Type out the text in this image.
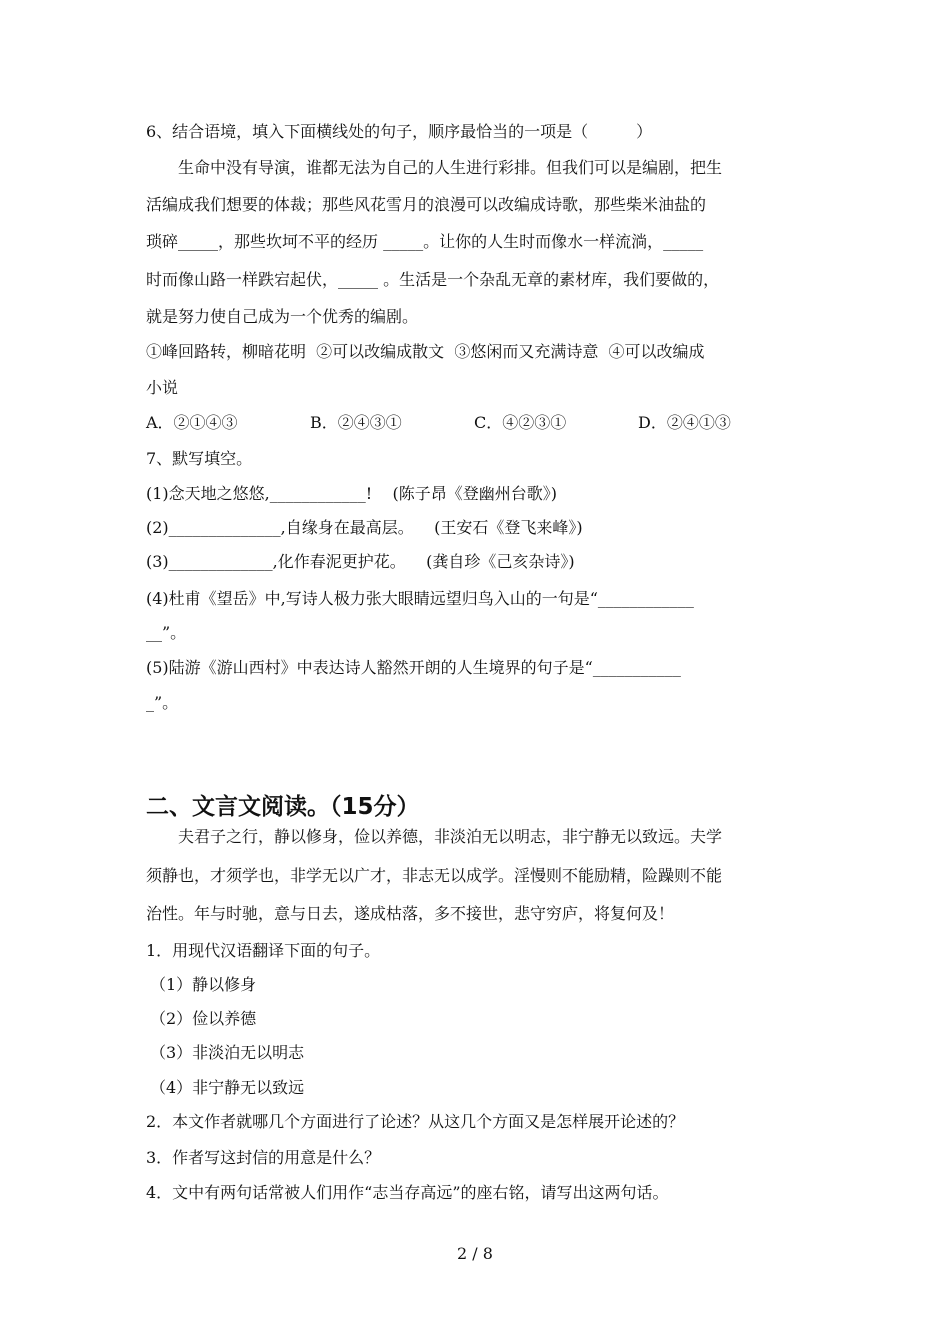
6、结合语境，填入下面横线处的句子，顺序最恰当的一项是（　　　）
　　生命中没有导演，谁都无法为自己的人生进行彩排。但我们可以是编剧，把生
活编成我们想要的体裁；那些风花雪月的浪漫可以改编成诗歌，那些柴米油盐的
琐碎_____，那些坎坷不平的经历 _____。让你的人生时而像水一样流淌，_____
时而像山路一样跌宕起伏，_____ 。生活是一个杂乱无章的素材库，我们要做的，
就是努力使自己成为一个优秀的编剧。
①峰回路转，柳暗花明  ②可以改编成散文  ③悠闲而又充满诗意  ④可以改编成
小说
A．②①④③	B．②④③①	C．④②③①	D．②④①③
7、默写填空。
(1)念天地之悠悠,____________!    (陈子昂《登幽州台歌》)
(2)______________,自缘身在最高层。    (王安石《登飞来峰》)
(3)_____________,化作春泥更护花。    (龚自珍《己亥杂诗》)
(4)杜甫《望岳》中,写诗人极力张大眼睛远望归鸟入山的一句是“____________
__”。
(5)陆游《游山西村》中表达诗人豁然开朗的人生境界的句子是“___________
_”。
二、文言文阅读。（15分）
　　夫君子之行，静以修身，俭以养德，非淡泊无以明志，非宁静无以致远。夫学
须静也，才须学也，非学无以广才，非志无以成学。淫慢则不能励精，险躁则不能
治性。年与时驰，意与日去，遂成枯落，多不接世，悲守穷庐，将复何及！
1．用现代汉语翻译下面的句子。
（1）静以修身
（2）俭以养德
（3）非淡泊无以明志
（4）非宁静无以致远
2．本文作者就哪几个方面进行了论述？从这几个方面又是怎样展开论述的？
3．作者写这封信的用意是什么？
4．文中有两句话常被人们用作“志当存高远”的座右铭，请写出这两句话。
2 / 8
